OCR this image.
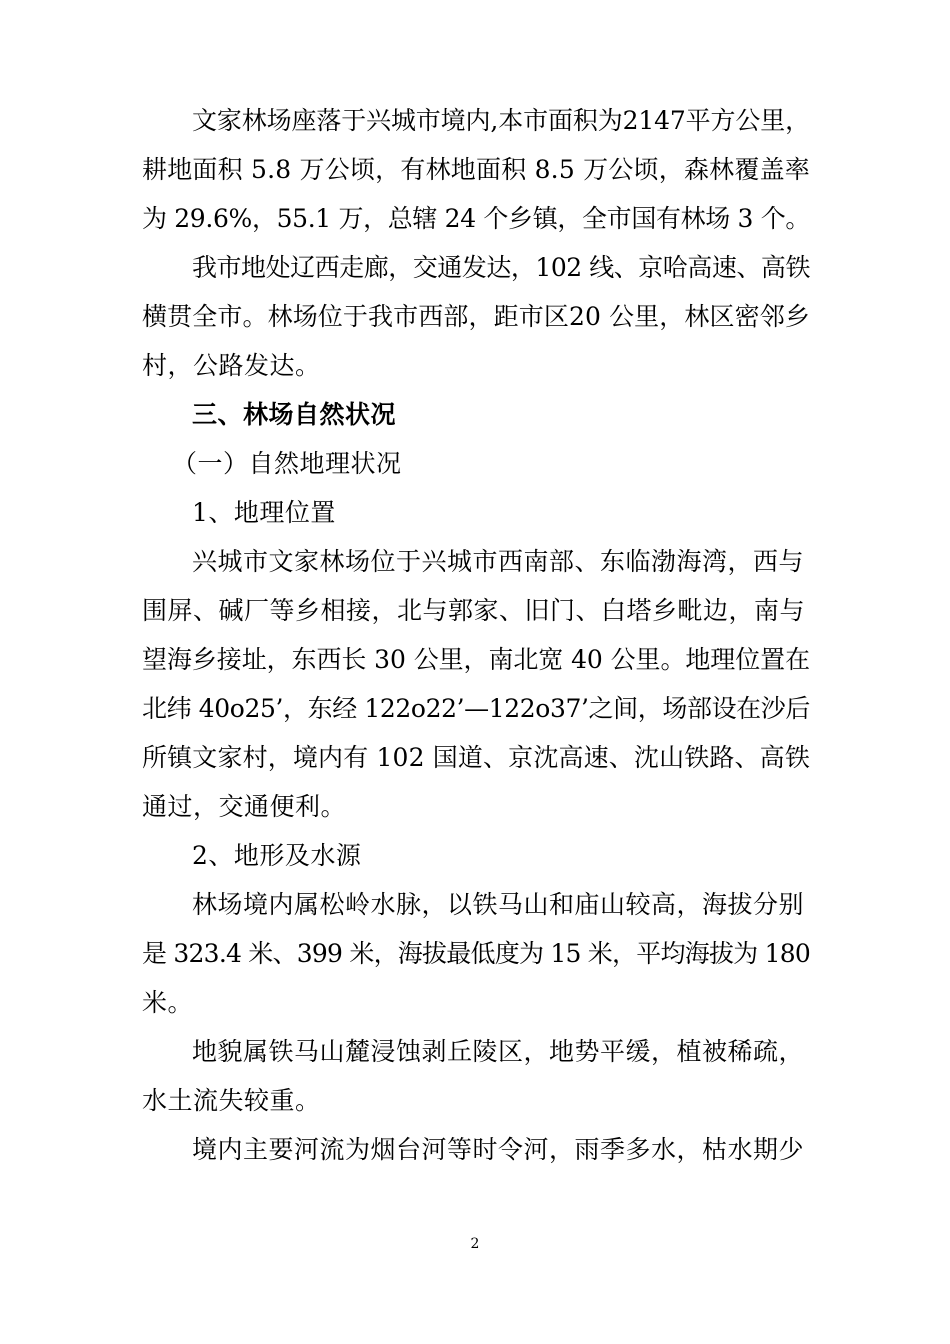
文家林场座落于兴城市境内,本市面积为2147平方公里，
耕地面积 5.8 万公顷，有林地面积 8.5 万公顷，森林覆盖率
为 29.6%，55.1 万，总辖 24 个乡镇，全市国有林场 3 个。

我市地处辽西走廊，交通发达，102 线、京哈高速、高铁
横贯全市。林场位于我市西部，距市区20 公里，林区密邻乡
村，公路发达。

三、林场自然状况

（一）自然地理状况

1、地理位置

兴城市文家林场位于兴城市西南部、东临渤海湾，西与
围屏、碱厂等乡相接，北与郭家、旧门、白塔乡毗边，南与
望海乡接址，东西长 30 公里，南北宽 40 公里。地理位置在
北纬 40o25’，东经 122o22’—122o37’之间，场部设在沙后
所镇文家村，境内有 102 国道、京沈高速、沈山铁路、高铁
通过，交通便利。

2、地形及水源

林场境内属松岭水脉，以铁马山和庙山较高，海拔分别
是 323.4 米、399 米，海拔最低度为 15 米，平均海拔为 180
米。

地貌属铁马山麓浸蚀剥丘陵区，地势平缓，植被稀疏，
水土流失较重。

境内主要河流为烟台河等时令河，雨季多水，枯水期少

2
